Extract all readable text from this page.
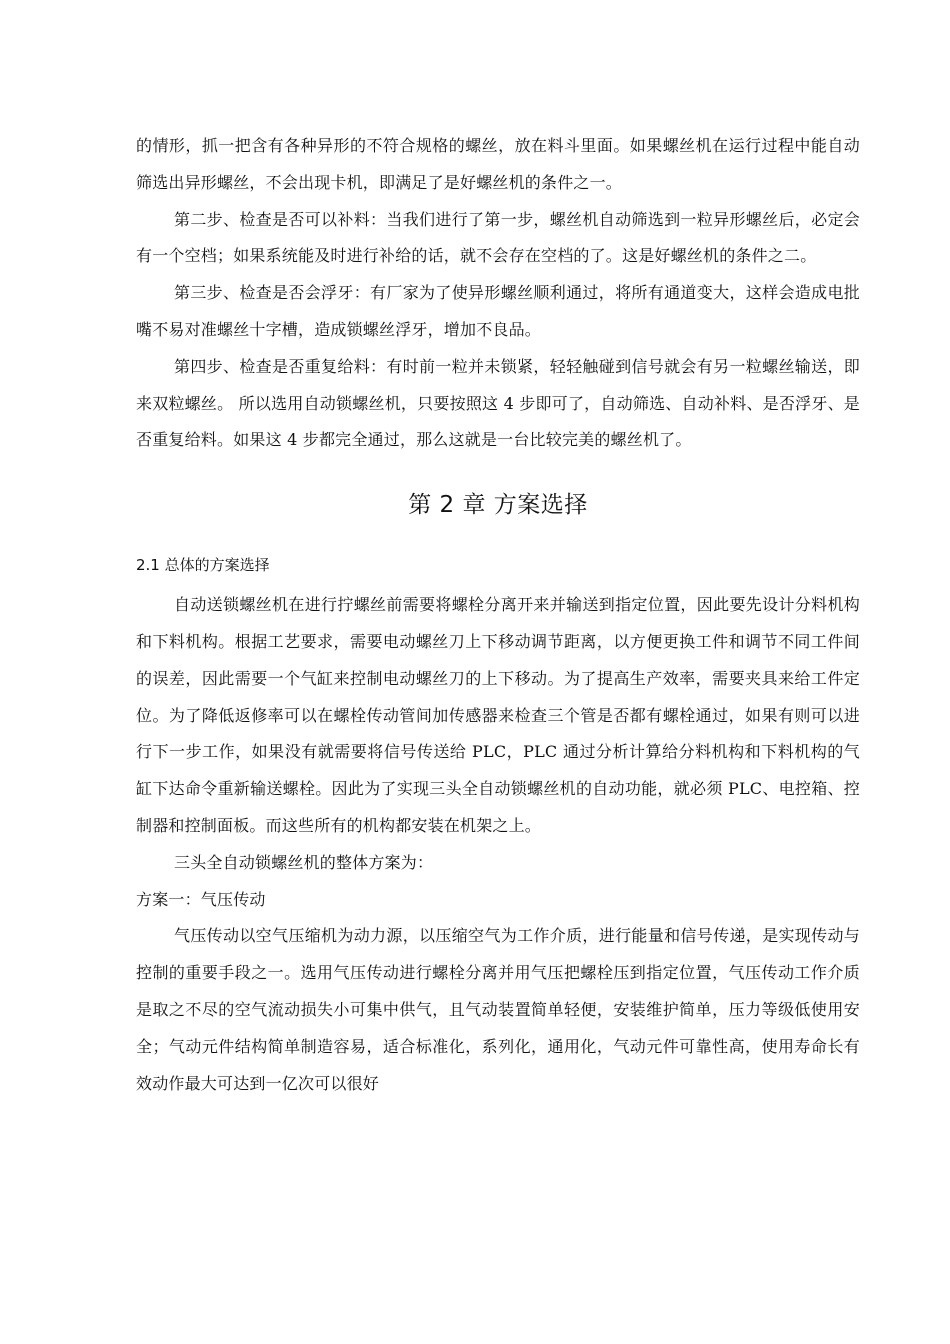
的情形，抓一把含有各种异形的不符合规格的螺丝，放在料斗里面。如果螺丝机在运行过程中能自动筛选出异形螺丝，不会出现卡机，即满足了是好螺丝机的条件之一。

第二步、检查是否可以补料：当我们进行了第一步，螺丝机自动筛选到一粒异形螺丝后，必定会有一个空档；如果系统能及时进行补给的话，就不会存在空档的了。这是好螺丝机的条件之二。

第三步、检查是否会浮牙：有厂家为了使异形螺丝顺利通过，将所有通道变大，这样会造成电批嘴不易对准螺丝十字槽，造成锁螺丝浮牙，增加不良品。

第四步、检查是否重复给料：有时前一粒并未锁紧，轻轻触碰到信号就会有另一粒螺丝输送，即来双粒螺丝。 所以选用自动锁螺丝机，只要按照这 4 步即可了，自动筛选、自动补料、是否浮牙、是否重复给料。如果这 4 步都完全通过，那么这就是一台比较完美的螺丝机了。

第 2 章 方案选择
2.1 总体的方案选择

自动送锁螺丝机在进行拧螺丝前需要将螺栓分离开来并输送到指定位置，因此要先设计分料机构和下料机构。根据工艺要求，需要电动螺丝刀上下移动调节距离，以方便更换工件和调节不同工件间的误差，因此需要一个气缸来控制电动螺丝刀的上下移动。为了提高生产效率，需要夹具来给工件定位。为了降低返修率可以在螺栓传动管间加传感器来检查三个管是否都有螺栓通过，如果有则可以进行下一步工作，如果没有就需要将信号传送给 PLC，PLC 通过分析计算给分料机构和下料机构的气缸下达命令重新输送螺栓。因此为了实现三头全自动锁螺丝机的自动功能，就必须 PLC、电控箱、控制器和控制面板。而这些所有的机构都安装在机架之上。

三头全自动锁螺丝机的整体方案为：

方案一：气压传动

气压传动以空气压缩机为动力源，以压缩空气为工作介质，进行能量和信号传递，是实现传动与控制的重要手段之一。选用气压传动进行螺栓分离并用气压把螺栓压到指定位置，气压传动工作介质是取之不尽的空气流动损失小可集中供气，且气动装置简单轻便，安装维护简单，压力等级低使用安全；气动元件结构简单制造容易，适合标准化，系列化，通用化，气动元件可靠性高，使用寿命长有效动作最大可达到一亿次可以很好
